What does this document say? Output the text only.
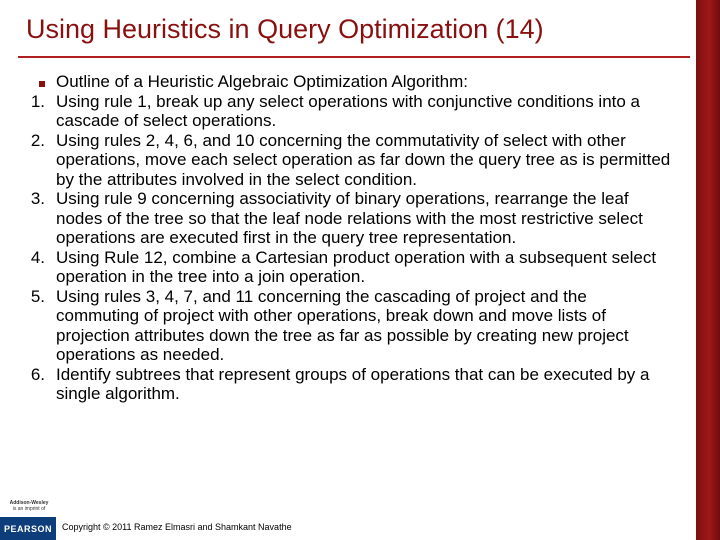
Using Heuristics in Query Optimization (14)
Outline of a Heuristic Algebraic Optimization Algorithm:
1. Using rule 1, break up any select operations with conjunctive conditions into a cascade of select operations.
2. Using rules 2, 4, 6, and 10 concerning the commutativity of select with other operations, move each select operation as far down the query tree as is permitted by the attributes involved in the select condition.
3. Using rule 9 concerning associativity of binary operations, rearrange the leaf nodes of the tree so that the leaf node relations with the most restrictive select operations are executed first in the query tree representation.
4. Using Rule 12, combine a Cartesian product operation with a subsequent select operation in the tree into a join operation.
5. Using rules 3, 4, 7, and 11 concerning the cascading of project and the commuting of project with other operations, break down and move lists of projection attributes down the tree as far as possible by creating new project operations as needed.
6. Identify subtrees that represent groups of operations that can be executed by a single algorithm.
Addison-Wesley
is an imprint of
PEARSON	Copyright © 2011 Ramez Elmasri and Shamkant Navathe
